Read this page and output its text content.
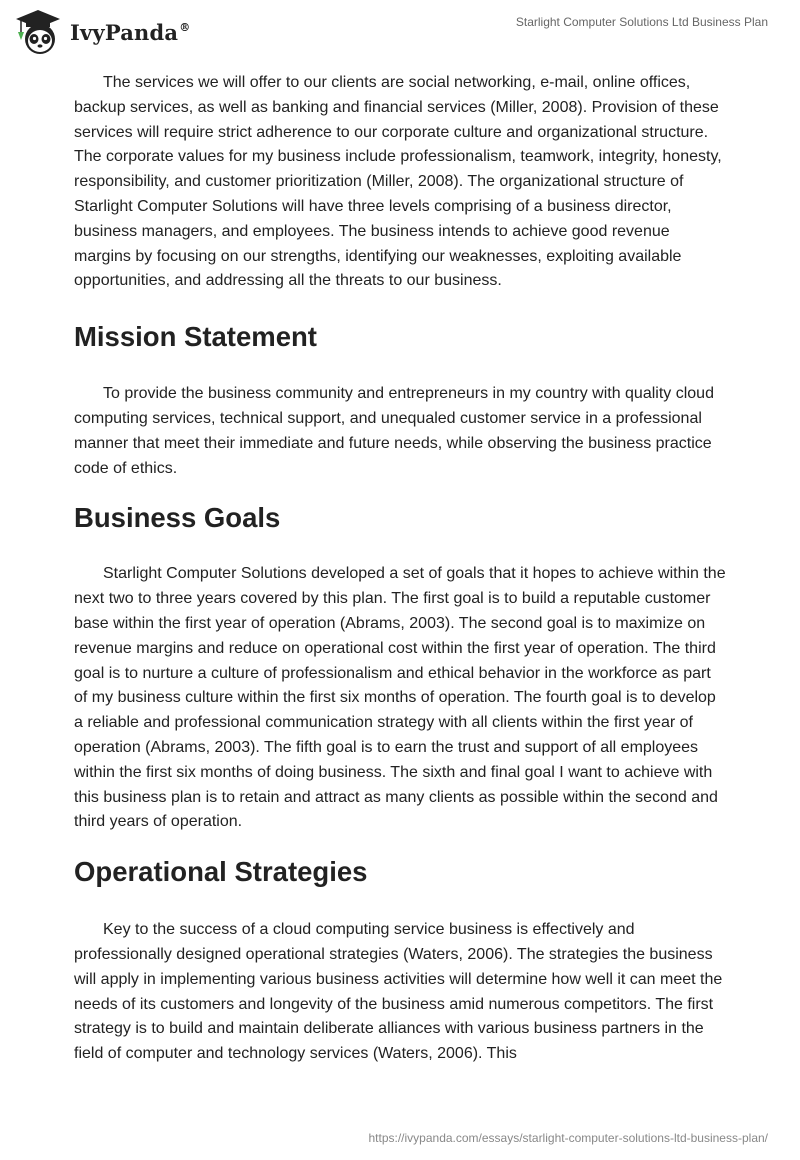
IvyPanda®	Starlight Computer Solutions Ltd Business Plan

The services we will offer to our clients are social networking, e-mail, online offices, backup services, as well as banking and financial services (Miller, 2008). Provision of these services will require strict adherence to our corporate culture and organizational structure. The corporate values for my business include professionalism, teamwork, integrity, honesty, responsibility, and customer prioritization (Miller, 2008). The organizational structure of Starlight Computer Solutions will have three levels comprising of a business director, business managers, and employees. The business intends to achieve good revenue margins by focusing on our strengths, identifying our weaknesses, exploiting available opportunities, and addressing all the threats to our business.

Mission Statement

To provide the business community and entrepreneurs in my country with quality cloud computing services, technical support, and unequaled customer service in a professional manner that meet their immediate and future needs, while observing the business practice code of ethics.

Business Goals

Starlight Computer Solutions developed a set of goals that it hopes to achieve within the next two to three years covered by this plan. The first goal is to build a reputable customer base within the first year of operation (Abrams, 2003). The second goal is to maximize on revenue margins and reduce on operational cost within the first year of operation. The third goal is to nurture a culture of professionalism and ethical behavior in the workforce as part of my business culture within the first six months of operation. The fourth goal is to develop a reliable and professional communication strategy with all clients within the first year of operation (Abrams, 2003). The fifth goal is to earn the trust and support of all employees within the first six months of doing business. The sixth and final goal I want to achieve with this business plan is to retain and attract as many clients as possible within the second and third years of operation.

Operational Strategies

Key to the success of a cloud computing service business is effectively and professionally designed operational strategies (Waters, 2006). The strategies the business will apply in implementing various business activities will determine how well it can meet the needs of its customers and longevity of the business amid numerous competitors. The first strategy is to build and maintain deliberate alliances with various business partners in the field of computer and technology services (Waters, 2006). This

https://ivypanda.com/essays/starlight-computer-solutions-ltd-business-plan/
